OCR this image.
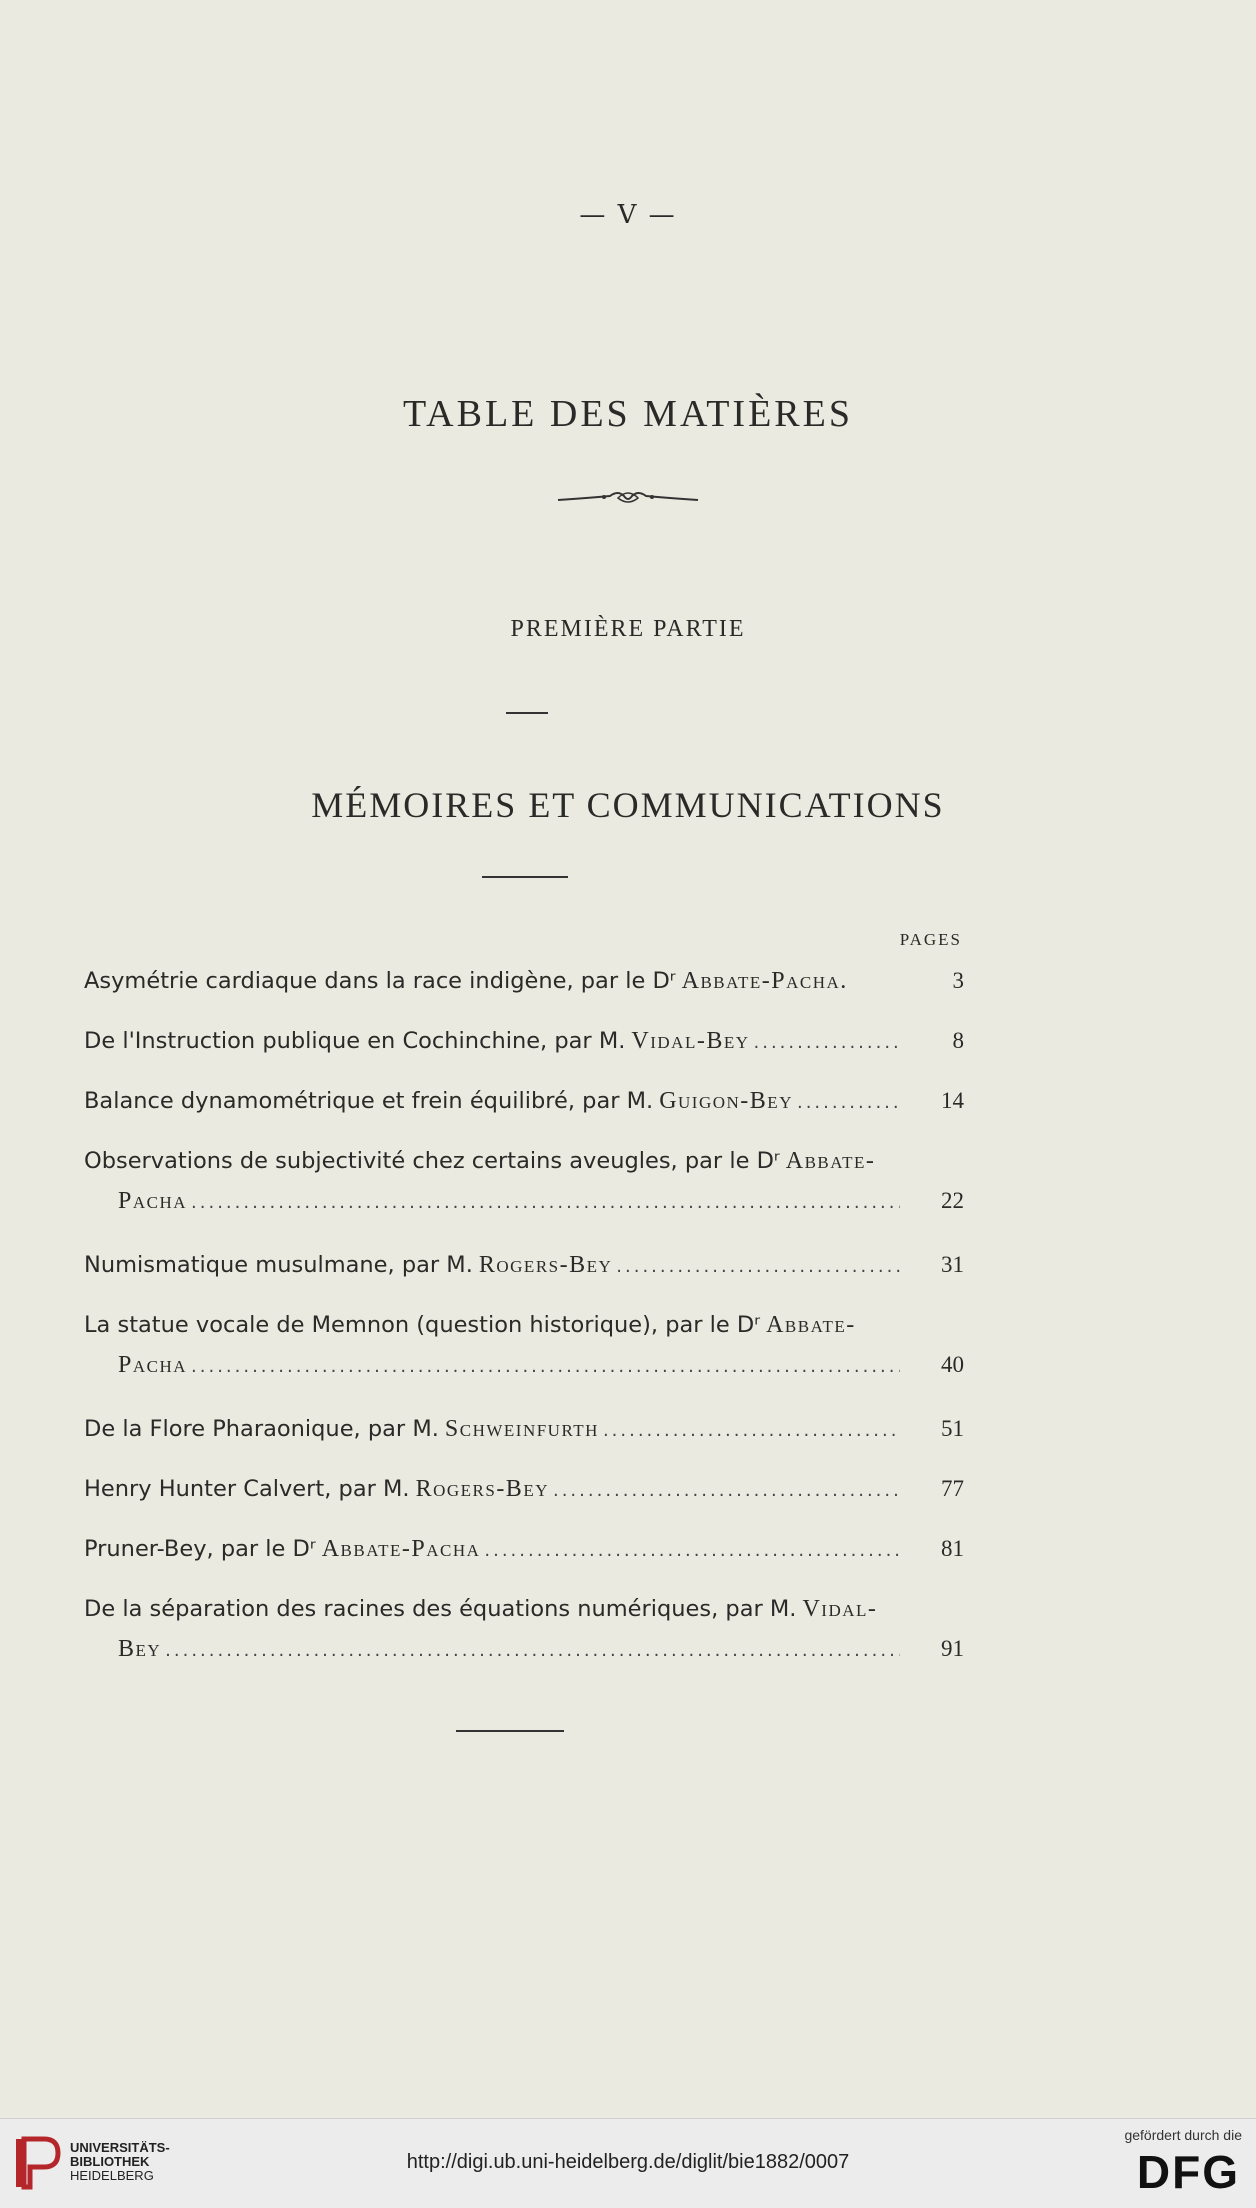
— V —
TABLE DES MATIÈRES
PREMIÈRE PARTIE
MÉMOIRES ET COMMUNICATIONS
PAGES
Asymétrie cardiaque dans la race indigène, par le Dʳ Abbate-Pacha.	3
De l'Instruction publique en Cochinchine, par M. Vidal-Bey .....	8
Balance dynamométrique et frein équilibré, par M. Guigon-Bey .....	14
Observations de subjectivité chez certains aveugles, par le Dʳ Abbate-
Pacha .....	22
Numismatique musulmane, par M. Rogers-Bey .....	31
La statue vocale de Memnon (question historique), par le Dʳ Abbate-
Pacha .....	40
De la Flore Pharaonique, par M. Schweinfurth .....	51
Henry Hunter Calvert, par M. Rogers-Bey .....	77
Pruner-Bey, par le Dʳ Abbate-Pacha .....	81
De la séparation des racines des équations numériques, par M. Vidal-
Bey .....	91
UNIVERSITÄTS-
BIBLIOTHEK
HEIDELBERG
http://digi.ub.uni-heidelberg.de/diglit/bie1882/0007
gefördert durch die
DFG
